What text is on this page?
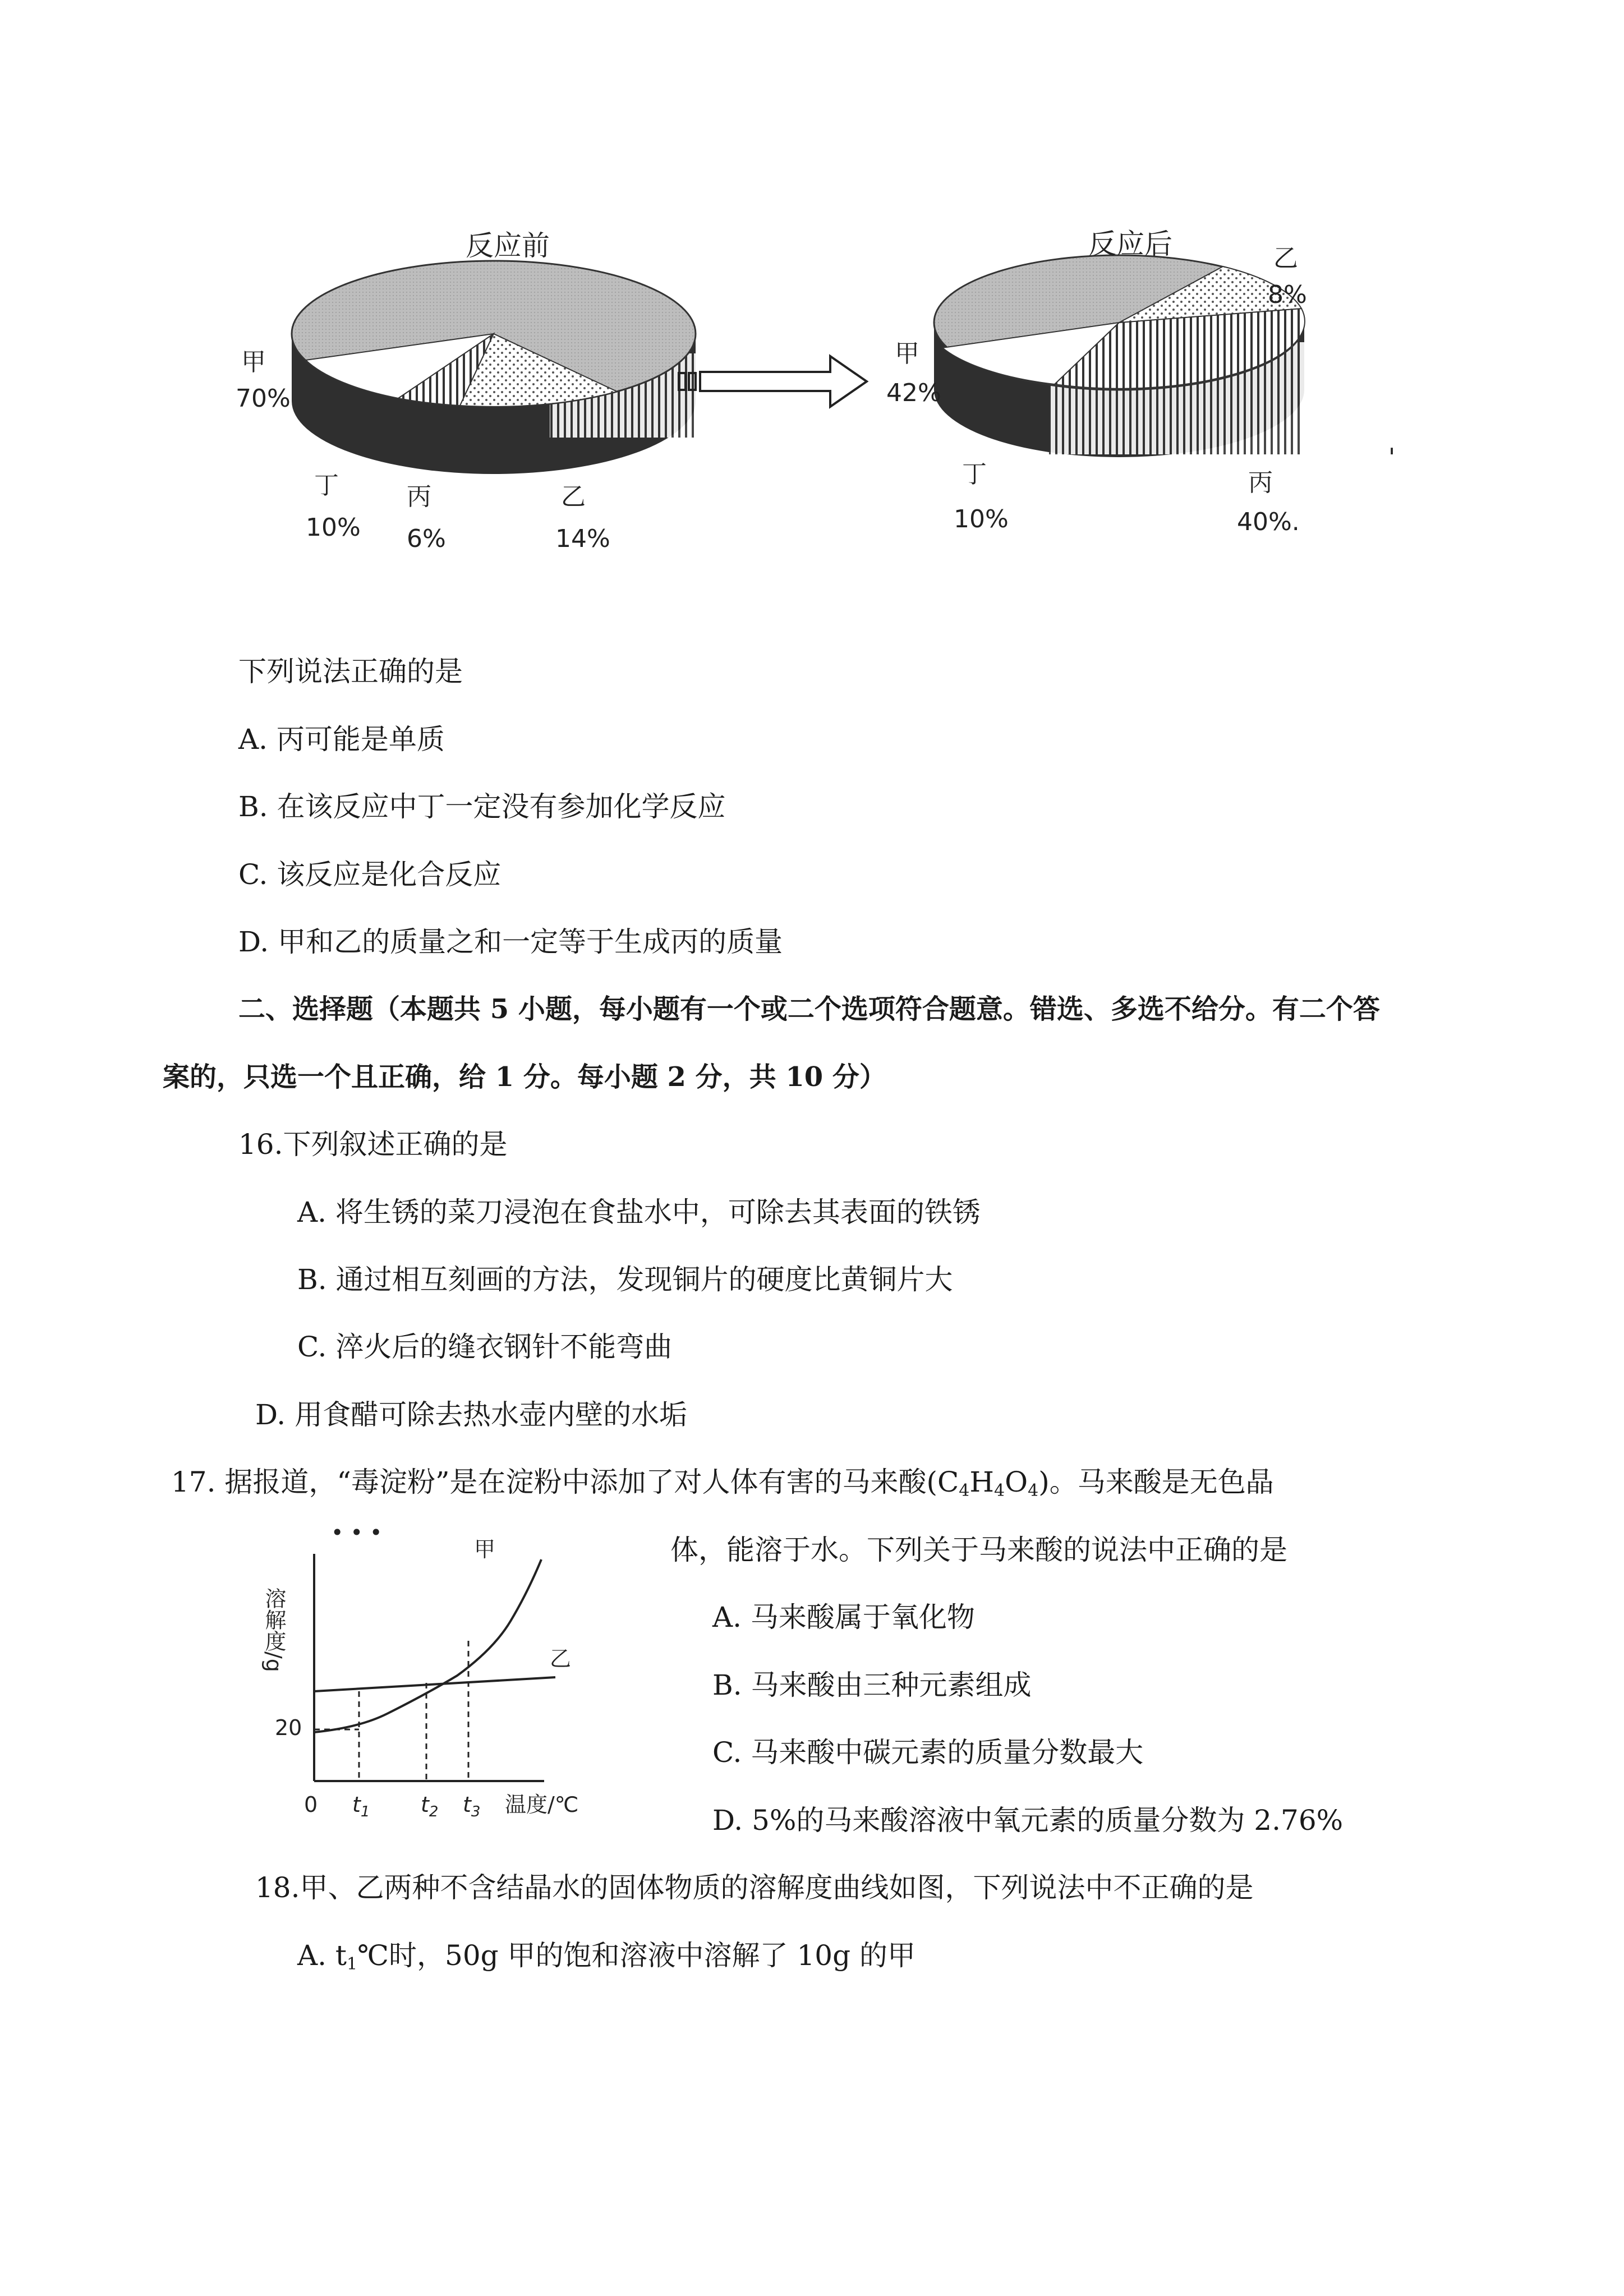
反应前
甲
70%
丁
10%
丙
6%
乙
14%
反应后	乙
8%
甲
42%
丁
10%
丙
40%.
'
下列说法正确的是
A. 丙可能是单质
B. 在该反应中丁一定没有参加化学反应
C. 该反应是化合反应
D. 甲和乙的质量之和一定等于生成丙的质量
二、选择题（本题共 5 小题，每小题有一个或二个选项符合题意。错选、多选不给分。有二个答
案的，只选一个且正确，给 1 分。每小题 2 分，共 10 分）
16.下列叙述正确的是
A. 将生锈的菜刀浸泡在食盐水中，可除去其表面的铁锈
B. 通过相互刻画的方法，发现铜片的硬度比黄铜片大
C. 淬火后的缝衣钢针不能弯曲
D. 用食醋可除去热水壶内壁的水垢
17. 据报道，“毒淀粉”是在淀粉中添加了对人体有害的马来酸$(C_4H_4O_4)$。马来酸是无色晶
体，能溶于水。下列关于马来酸的说法中正确的是
A. 马来酸属于氧化物
B. 马来酸由三种元素组成
C. 马来酸中碳元素的质量分数最大
D. 5%的马来酸溶液中氧元素的质量分数为 2.76%
• • •
溶解度/g
20
0
甲
乙
$t_1$ $t_2$ $t_3$ 温度/℃
18.甲、乙两种不含结晶水的固体物质的溶解度曲线如图，下列说法中不正确的是
A. $t_1℃$时，50g 甲的饱和溶液中溶解了 10g 的甲
